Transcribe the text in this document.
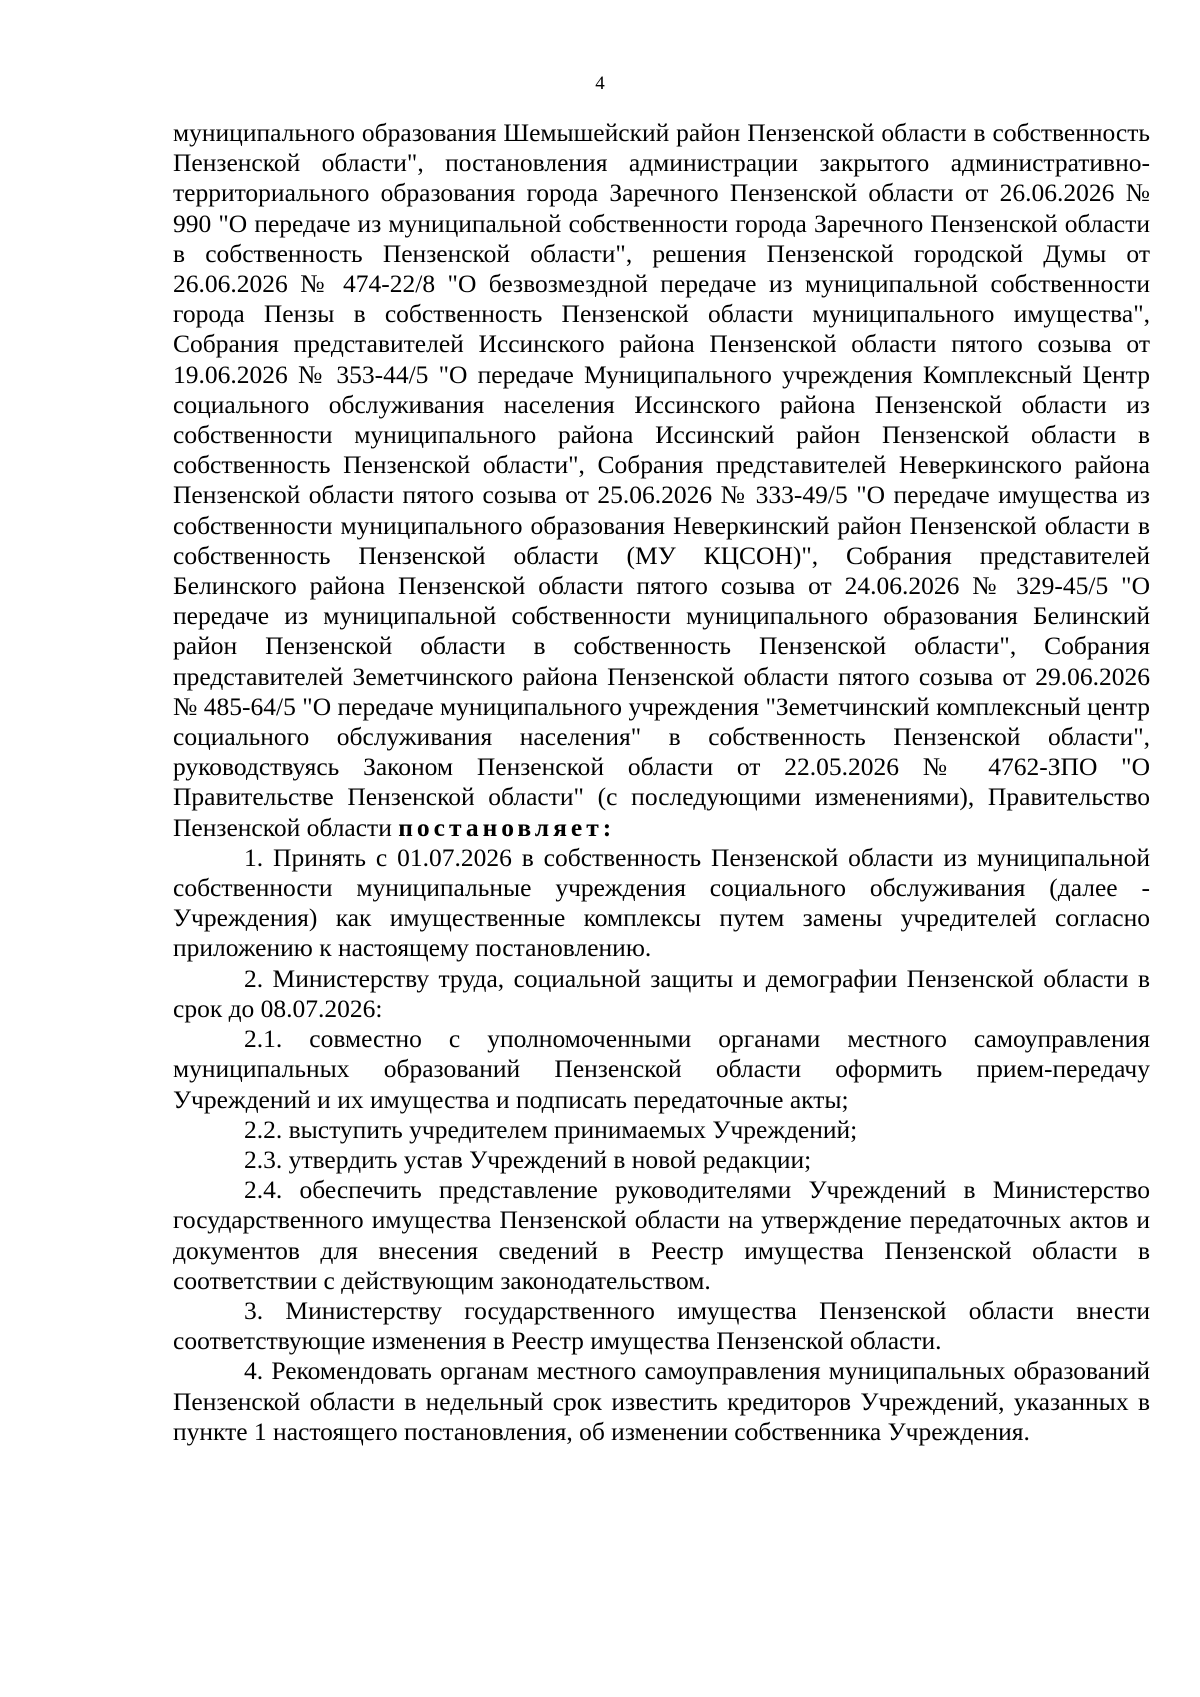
4

муниципального образования Шемышейский район Пензенской области в собственность Пензенской области", постановления администрации закрытого административно-территориального образования города Заречного Пензенской области от 26.06.2026 № 990 "О передаче из муниципальной собственности города Заречного Пензенской области в собственность Пензенской области", решения Пензенской городской Думы от 26.06.2026 № 474-22/8 "О безвозмездной передаче из муниципальной собственности города Пензы в собственность Пензенской области муниципального имущества", Собрания представителей Иссинского района Пензенской области пятого созыва от 19.06.2026 № 353-44/5 "О передаче Муниципального учреждения Комплексный Центр социального обслуживания населения Иссинского района Пензенской области из собственности муниципального района Иссинский район Пензенской области в собственность Пензенской области", Собрания представителей Неверкинского района Пензенской области пятого созыва от 25.06.2026 № 333-49/5 "О передаче имущества из собственности муниципального образования Неверкинский район Пензенской области в собственность Пензенской области (МУ КЦСОН)", Собрания представителей Белинского района Пензенской области пятого созыва от 24.06.2026 № 329-45/5 "О передаче из муниципальной собственности муниципального образования Белинский район Пензенской области в собственность Пензенской области", Собрания представителей Земетчинского района Пензенской области пятого созыва от 29.06.2026 № 485-64/5 "О передаче муниципального учреждения "Земетчинский комплексный центр социального обслуживания населения" в собственность Пензенской области", руководствуясь Законом Пензенской области от 22.05.2026 № 4762-ЗПО "О Правительстве Пензенской области" (с последующими изменениями), Правительство Пензенской области постановляет:

1. Принять с 01.07.2026 в собственность Пензенской области из муниципальной собственности муниципальные учреждения социального обслуживания (далее - Учреждения) как имущественные комплексы путем замены учредителей согласно приложению к настоящему постановлению.

2. Министерству труда, социальной защиты и демографии Пензенской области в срок до 08.07.2026:

2.1. совместно с уполномоченными органами местного самоуправления муниципальных образований Пензенской области оформить прием-передачу Учреждений и их имущества и подписать передаточные акты;

2.2. выступить учредителем принимаемых Учреждений;

2.3. утвердить устав Учреждений в новой редакции;

2.4. обеспечить представление руководителями Учреждений в Министерство государственного имущества Пензенской области на утверждение передаточных актов и документов для внесения сведений в Реестр имущества Пензенской области в соответствии с действующим законодательством.

3. Министерству государственного имущества Пензенской области внести соответствующие изменения в Реестр имущества Пензенской области.

4. Рекомендовать органам местного самоуправления муниципальных образований Пензенской области в недельный срок известить кредиторов Учреждений, указанных в пункте 1 настоящего постановления, об изменении собственника Учреждения.
